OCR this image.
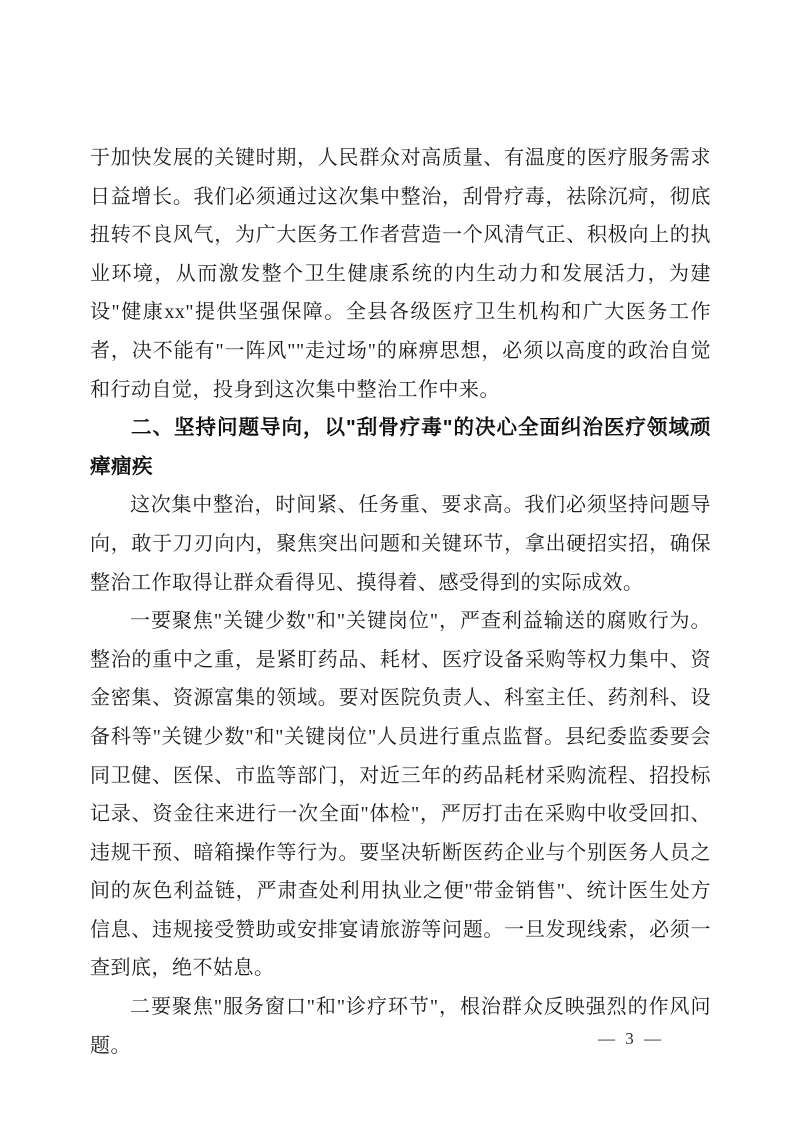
于加快发展的关键时期，人民群众对高质量、有温度的医疗服务需求日益增长。我们必须通过这次集中整治，刮骨疗毒，祛除沉疴，彻底扭转不良风气，为广大医务工作者营造一个风清气正、积极向上的执业环境，从而激发整个卫生健康系统的内生动力和发展活力，为建设"健康xx"提供坚强保障。全县各级医疗卫生机构和广大医务工作者，决不能有"一阵风""走过场"的麻痹思想，必须以高度的政治自觉和行动自觉，投身到这次集中整治工作中来。

二、坚持问题导向，以"刮骨疗毒"的决心全面纠治医疗领域顽瘴痼疾

这次集中整治，时间紧、任务重、要求高。我们必须坚持问题导向，敢于刀刃向内，聚焦突出问题和关键环节，拿出硬招实招，确保整治工作取得让群众看得见、摸得着、感受得到的实际成效。

一要聚焦"关键少数"和"关键岗位"，严查利益输送的腐败行为。整治的重中之重，是紧盯药品、耗材、医疗设备采购等权力集中、资金密集、资源富集的领域。要对医院负责人、科室主任、药剂科、设备科等"关键少数"和"关键岗位"人员进行重点监督。县纪委监委要会同卫健、医保、市监等部门，对近三年的药品耗材采购流程、招投标记录、资金往来进行一次全面"体检"，严厉打击在采购中收受回扣、违规干预、暗箱操作等行为。要坚决斩断医药企业与个别医务人员之间的灰色利益链，严肃查处利用执业之便"带金销售"、统计医生处方信息、违规接受赞助或安排宴请旅游等问题。一旦发现线索，必须一查到底，绝不姑息。

二要聚焦"服务窗口"和"诊疗环节"，根治群众反映强烈的作风问题。	— 3 —
